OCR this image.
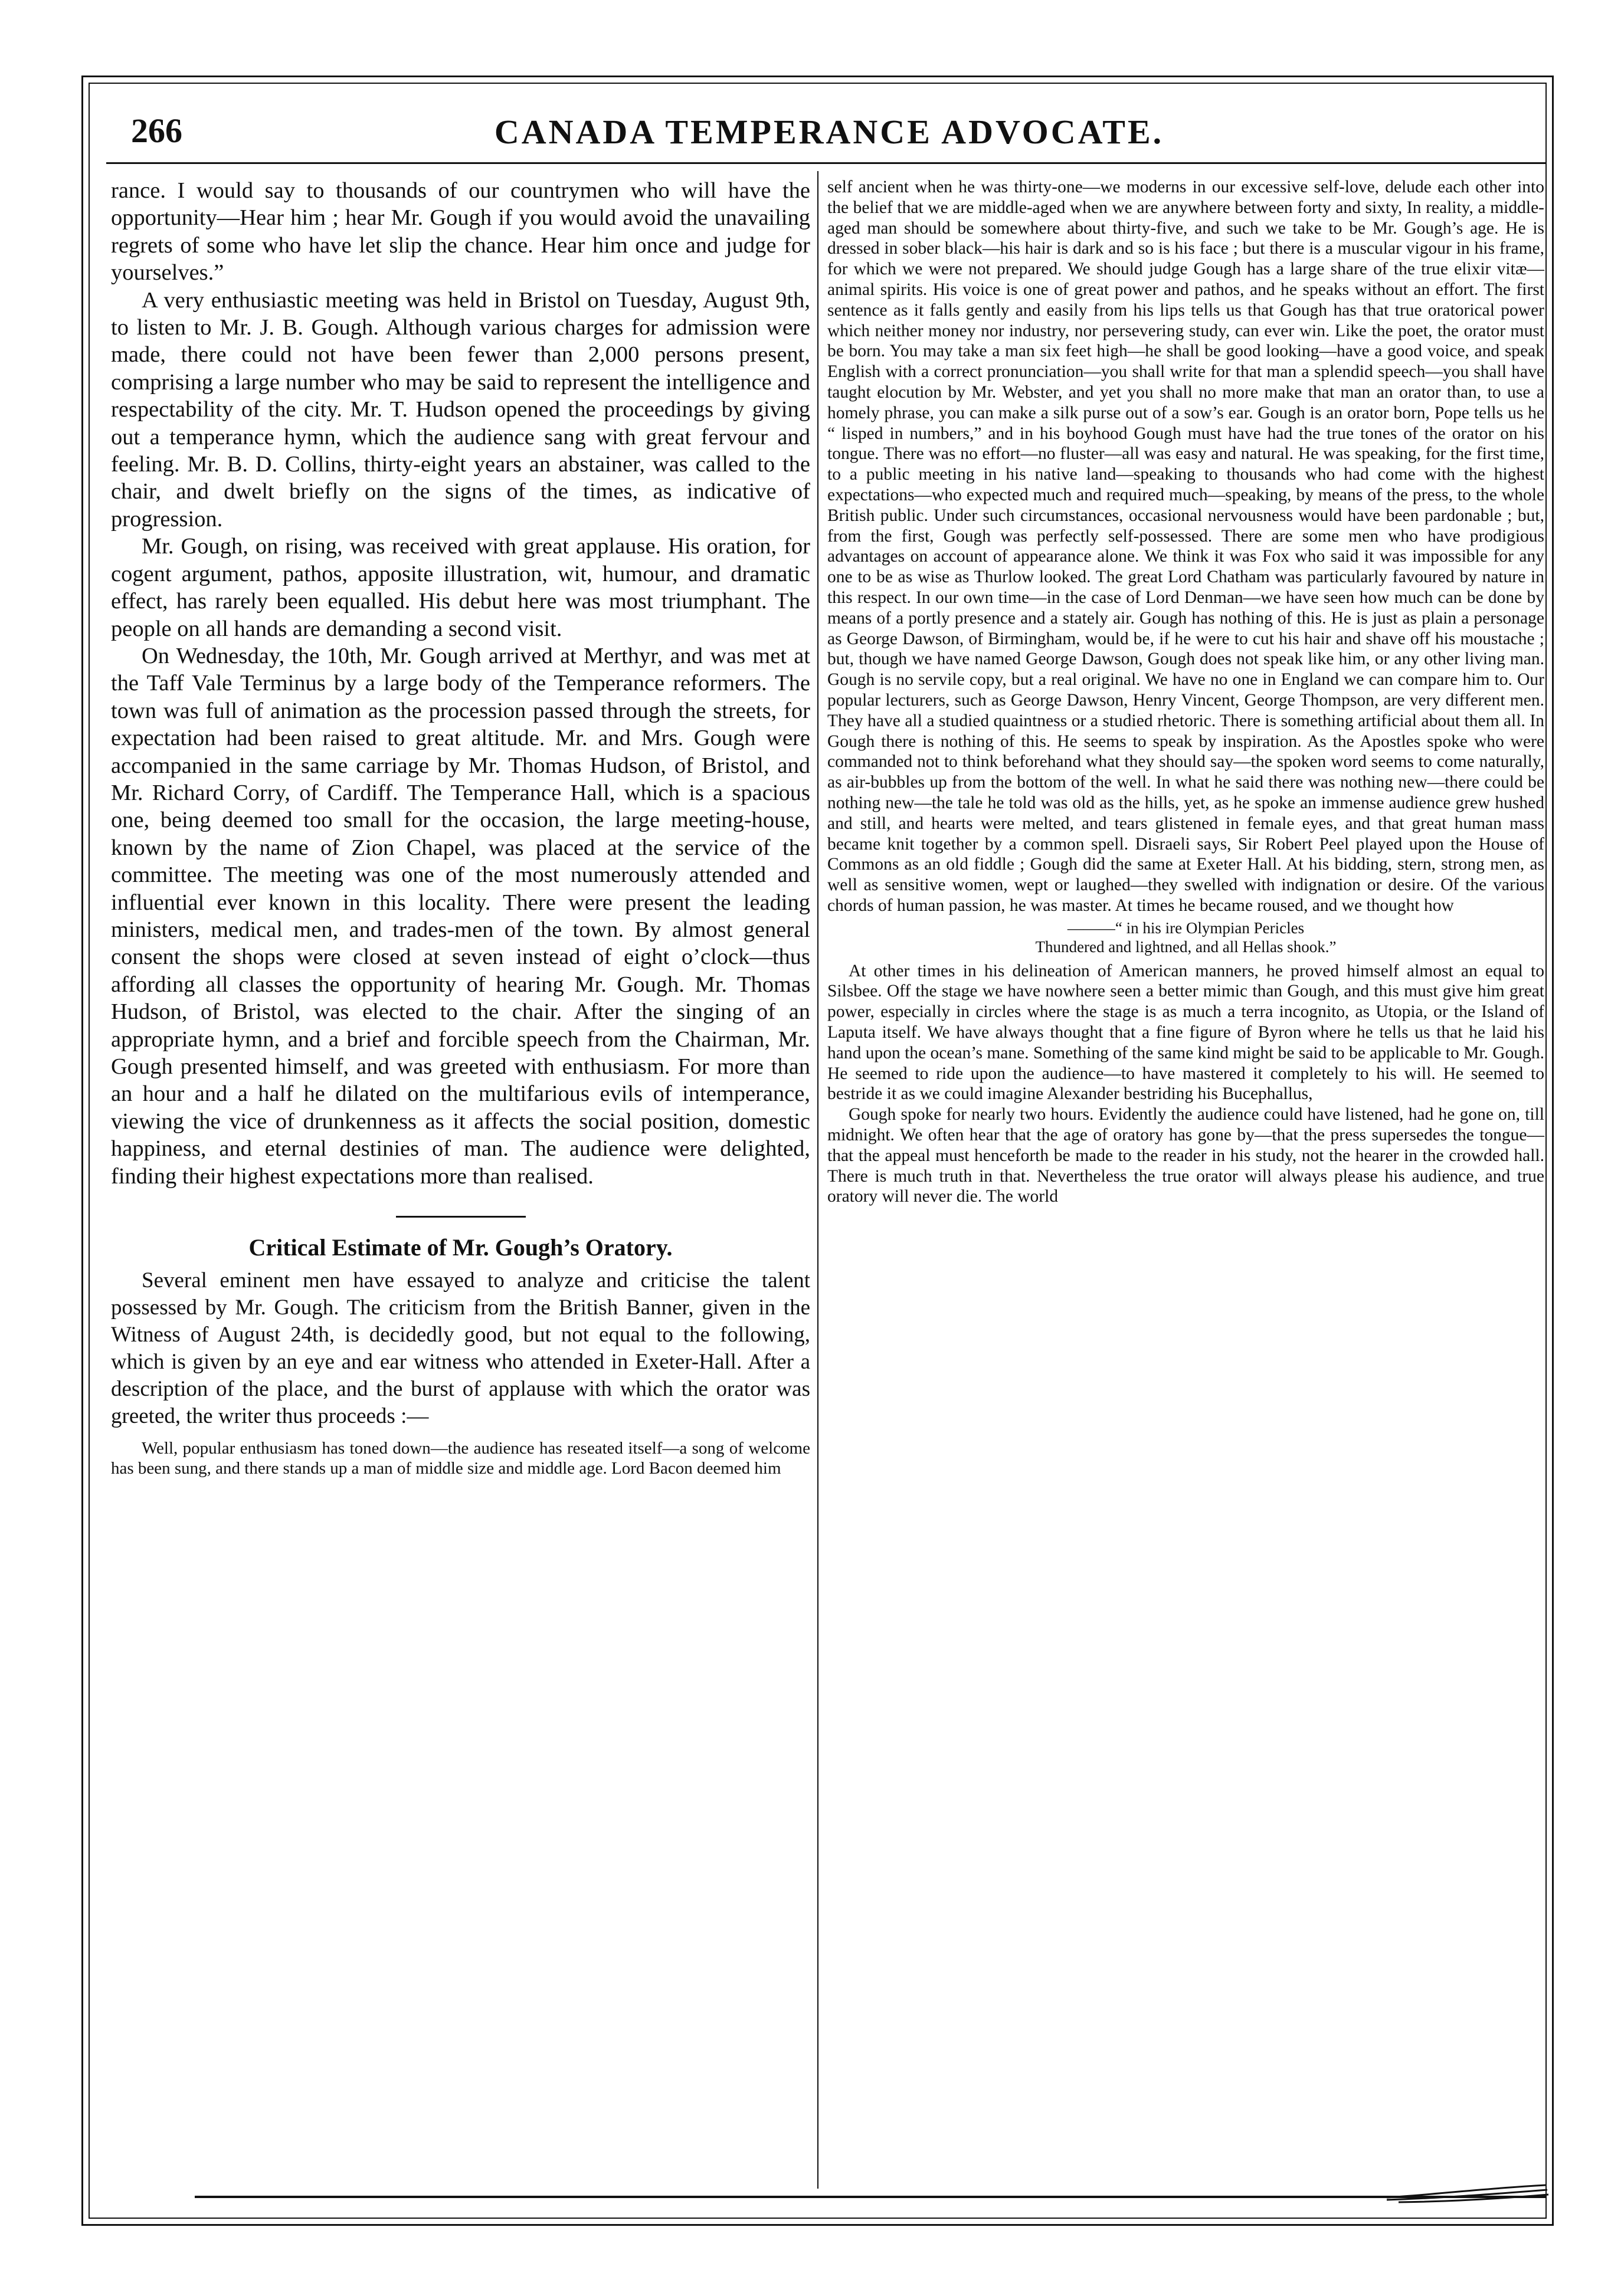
266	CANADA TEMPERANCE ADVOCATE.

rance. I would say to thousands of our countrymen who will have the opportunity—Hear him ; hear Mr. Gough if you would avoid the unavailing regrets of some who have let slip the chance. Hear him once and judge for yourselves.”

A very enthusiastic meeting was held in Bristol on Tuesday, August 9th, to listen to Mr. J. B. Gough. Although various charges for admission were made, there could not have been fewer than 2,000 persons present, comprising a large number who may be said to represent the intelligence and respectability of the city. Mr. T. Hudson opened the proceedings by giving out a temperance hymn, which the audience sang with great fervour and feeling. Mr. B. D. Collins, thirty-eight years an abstainer, was called to the chair, and dwelt briefly on the signs of the times, as indicative of progression.

Mr. Gough, on rising, was received with great applause. His oration, for cogent argument, pathos, apposite illustration, wit, humour, and dramatic effect, has rarely been equalled. His debut here was most triumphant. The people on all hands are demanding a second visit.

On Wednesday, the 10th, Mr. Gough arrived at Merthyr, and was met at the Taff Vale Terminus by a large body of the Temperance reformers. The town was full of animation as the procession passed through the streets, for expectation had been raised to great altitude. Mr. and Mrs. Gough were accompanied in the same carriage by Mr. Thomas Hudson, of Bristol, and Mr. Richard Corry, of Cardiff. The Temperance Hall, which is a spacious one, being deemed too small for the occasion, the large meeting-house, known by the name of Zion Chapel, was placed at the service of the committee. The meeting was one of the most numerously attended and influential ever known in this locality. There were present the leading ministers, medical men, and trades-men of the town. By almost general consent the shops were closed at seven instead of eight o’clock—thus affording all classes the opportunity of hearing Mr. Gough. Mr. Thomas Hudson, of Bristol, was elected to the chair. After the singing of an appropriate hymn, and a brief and forcible speech from the Chairman, Mr. Gough presented himself, and was greeted with enthusiasm. For more than an hour and a half he dilated on the multifarious evils of intemperance, viewing the vice of drunkenness as it affects the social position, domestic happiness, and eternal destinies of man. The audience were delighted, finding their highest expectations more than realised.

Critical Estimate of Mr. Gough’s Oratory.

Several eminent men have essayed to analyze and criticise the talent possessed by Mr. Gough. The criticism from the British Banner, given in the Witness of August 24th, is decidedly good, but not equal to the following, which is given by an eye and ear witness who attended in Exeter-Hall. After a description of the place, and the burst of applause with which the orator was greeted, the writer thus proceeds :—

Well, popular enthusiasm has toned down—the audience has reseated itself—a song of welcome has been sung, and there stands up a man of middle size and middle age. Lord Bacon deemed him

self ancient when he was thirty-one—we moderns in our excessive self-love, delude each other into the belief that we are middle-aged when we are anywhere between forty and sixty, In reality, a middle-aged man should be somewhere about thirty-five, and such we take to be Mr. Gough’s age. He is dressed in sober black—his hair is dark and so is his face ; but there is a muscular vigour in his frame, for which we were not prepared. We should judge Gough has a large share of the true elixir vitæ—animal spirits. His voice is one of great power and pathos, and he speaks without an effort. The first sentence as it falls gently and easily from his lips tells us that Gough has that true oratorical power which neither money nor industry, nor persevering study, can ever win. Like the poet, the orator must be born. You may take a man six feet high—he shall be good looking—have a good voice, and speak English with a correct pronunciation—you shall write for that man a splendid speech—you shall have taught elocution by Mr. Webster, and yet you shall no more make that man an orator than, to use a homely phrase, you can make a silk purse out of a sow’s ear. Gough is an orator born, Pope tells us he “ lisped in numbers,” and in his boyhood Gough must have had the true tones of the orator on his tongue. There was no effort—no fluster—all was easy and natural. He was speaking, for the first time, to a public meeting in his native land—speaking to thousands who had come with the highest expectations—who expected much and required much—speaking, by means of the press, to the whole British public. Under such circumstances, occasional nervousness would have been pardonable ; but, from the first, Gough was perfectly self-possessed. There are some men who have prodigious advantages on account of appearance alone. We think it was Fox who said it was impossible for any one to be as wise as Thurlow looked. The great Lord Chatham was particularly favoured by nature in this respect. In our own time—in the case of Lord Denman—we have seen how much can be done by means of a portly presence and a stately air. Gough has nothing of this. He is just as plain a personage as George Dawson, of Birmingham, would be, if he were to cut his hair and shave off his moustache ; but, though we have named George Dawson, Gough does not speak like him, or any other living man. Gough is no servile copy, but a real original. We have no one in England we can compare him to. Our popular lecturers, such as George Dawson, Henry Vincent, George Thompson, are very different men. They have all a studied quaintness or a studied rhetoric. There is something artificial about them all. In Gough there is nothing of this. He seems to speak by inspiration. As the Apostles spoke who were commanded not to think beforehand what they should say—the spoken word seems to come naturally, as air-bubbles up from the bottom of the well. In what he said there was nothing new—there could be nothing new—the tale he told was old as the hills, yet, as he spoke an immense audience grew hushed and still, and hearts were melted, and tears glistened in female eyes, and that great human mass became knit together by a common spell. Disraeli says, Sir Robert Peel played upon the House of Commons as an old fiddle ; Gough did the same at Exeter Hall. At his bidding, stern, strong men, as well as sensitive women, wept or laughed—they swelled with indignation or desire. Of the various chords of human passion, he was master. At times he became roused, and we thought how

———“ in his ire Olympian Pericles
Thundered and lightned, and all Hellas shook.”

At other times in his delineation of American manners, he proved himself almost an equal to Silsbee. Off the stage we have nowhere seen a better mimic than Gough, and this must give him great power, especially in circles where the stage is as much a terra incognito, as Utopia, or the Island of Laputa itself. We have always thought that a fine figure of Byron where he tells us that he laid his hand upon the ocean’s mane. Something of the same kind might be said to be applicable to Mr. Gough. He seemed to ride upon the audience—to have mastered it completely to his will. He seemed to bestride it as we could imagine Alexander bestriding his Bucephallus,

Gough spoke for nearly two hours. Evidently the audience could have listened, had he gone on, till midnight. We often hear that the age of oratory has gone by—that the press supersedes the tongue—that the appeal must henceforth be made to the reader in his study, not the hearer in the crowded hall. There is much truth in that. Nevertheless the true orator will always please his audience, and true oratory will never die. The world
